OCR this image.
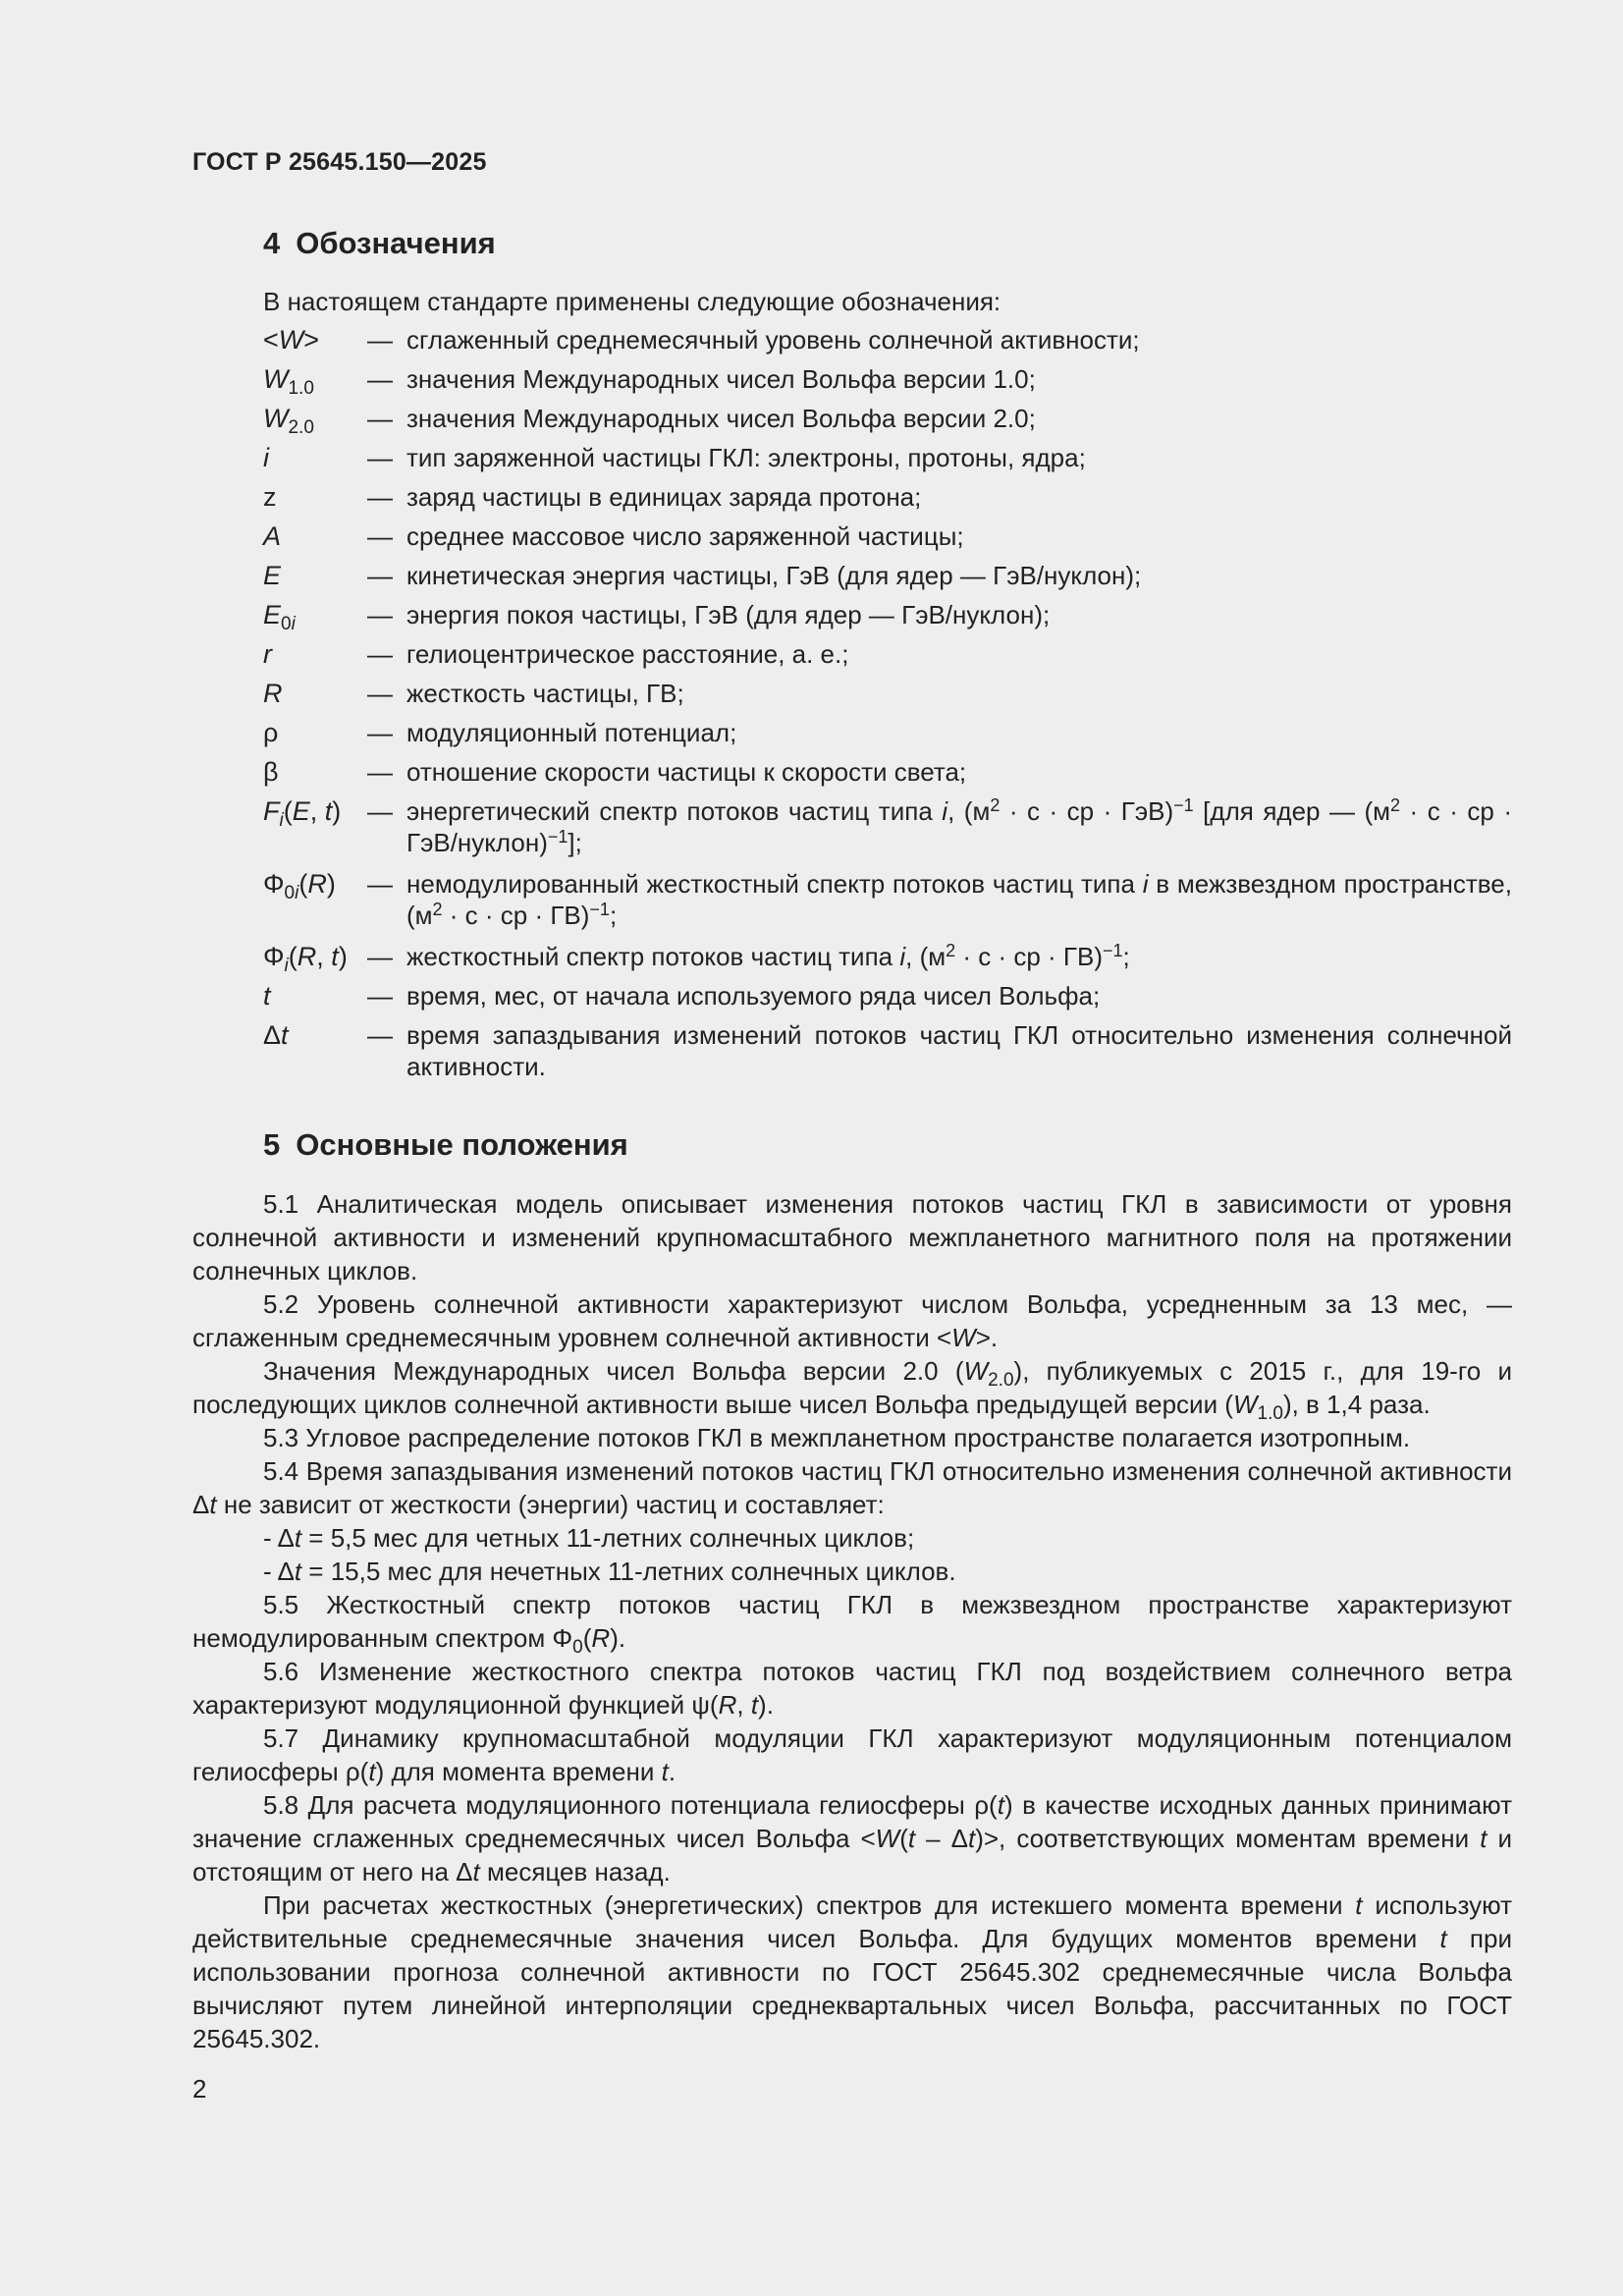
ГОСТ Р 25645.150—2025
4 Обозначения
В настоящем стандарте применены следующие обозначения:
<W>	— сглаженный среднемесячный уровень солнечной активности;
$W_{1.0}$	— значения Международных чисел Вольфа версии 1.0;
$W_{2.0}$	— значения Международных чисел Вольфа версии 2.0;
i	— тип заряженной частицы ГКЛ: электроны, протоны, ядра;
z	— заряд частицы в единицах заряда протона;
A	— среднее массовое число заряженной частицы;
E	— кинетическая энергия частицы, ГэВ (для ядер — ГэВ/нуклон);
$E_{0i}$	— энергия покоя частицы, ГэВ (для ядер — ГэВ/нуклон);
r	— гелиоцентрическое расстояние, а. е.;
R	— жесткость частицы, ГВ;
ρ	— модуляционный потенциал;
β	— отношение скорости частицы к скорости света;
$F_i(E$, t)	— энергетический спектр потоков частиц типа i, ($м^2 \cdot с$ · ср · ГэВ)$^{-1}$ [для ядер — ($м^2 \cdot с$ · ср · ГэВ/нуклон)$^{-1}$];
$\Phi_{0i}(R)$	— немодулированный жесткостный спектр потоков частиц типа i в межзвездном пространстве, ($м^2 \cdot с$ · ср · ГВ)$^{-1}$;
$\Phi_i(R$, t) — жесткостный спектр потоков частиц типа i, ($м^2 \cdot с$ · ср · ГВ)$^{-1}$;
t	— время, мес, от начала используемого ряда чисел Вольфа;
Δt	— время запаздывания изменений потоков частиц ГКЛ относительно изменения солнечной активности.
5 Основные положения

5.1 Аналитическая модель описывает изменения потоков частиц ГКЛ в зависимости от уровня солнечной активности и изменений крупномасштабного межпланетного магнитного поля на протяжении солнечных циклов.

5.2 Уровень солнечной активности характеризуют числом Вольфа, усредненным за 13 мес, — сглаженным среднемесячным уровнем солнечной активности <W>.

Значения Международных чисел Вольфа версии 2.0 $(W_{2.0})$, публикуемых с 2015 г., для 19-го и последующих циклов солнечной активности выше чисел Вольфа предыдущей версии $(W_{1.0})$, в 1,4 раза.

5.3 Угловое распределение потоков ГКЛ в межпланетном пространстве полагается изотропным.

5.4 Время запаздывания изменений потоков частиц ГКЛ относительно изменения солнечной активности Δt не зависит от жесткости (энергии) частиц и составляет:

- Δt = 5,5 мес для четных 11-летних солнечных циклов;

- Δt = 15,5 мес для нечетных 11-летних солнечных циклов.

5.5 Жесткостный спектр потоков частиц ГКЛ в межзвездном пространстве характеризуют немодулированным спектром $\Phi_0(R)$.

5.6 Изменение жесткостного спектра потоков частиц ГКЛ под воздействием солнечного ветра характеризуют модуляционной функцией ψ(R, t).

5.7 Динамику крупномасштабной модуляции ГКЛ характеризуют модуляционным потенциалом гелиосферы ρ(t) для момента времени t.

5.8 Для расчета модуляционного потенциала гелиосферы ρ(t) в качестве исходных данных принимают значение сглаженных среднемесячных чисел Вольфа <W(t – Δt)>, соответствующих моментам времени t и отстоящим от него на Δt месяцев назад.

При расчетах жесткостных (энергетических) спектров для истекшего момента времени t используют действительные среднемесячные значения чисел Вольфа. Для будущих моментов времени t при использовании прогноза солнечной активности по ГОСТ 25645.302 среднемесячные числа Вольфа вычисляют путем линейной интерполяции среднеквартальных чисел Вольфа, рассчитанных по ГОСТ 25645.302.

2
